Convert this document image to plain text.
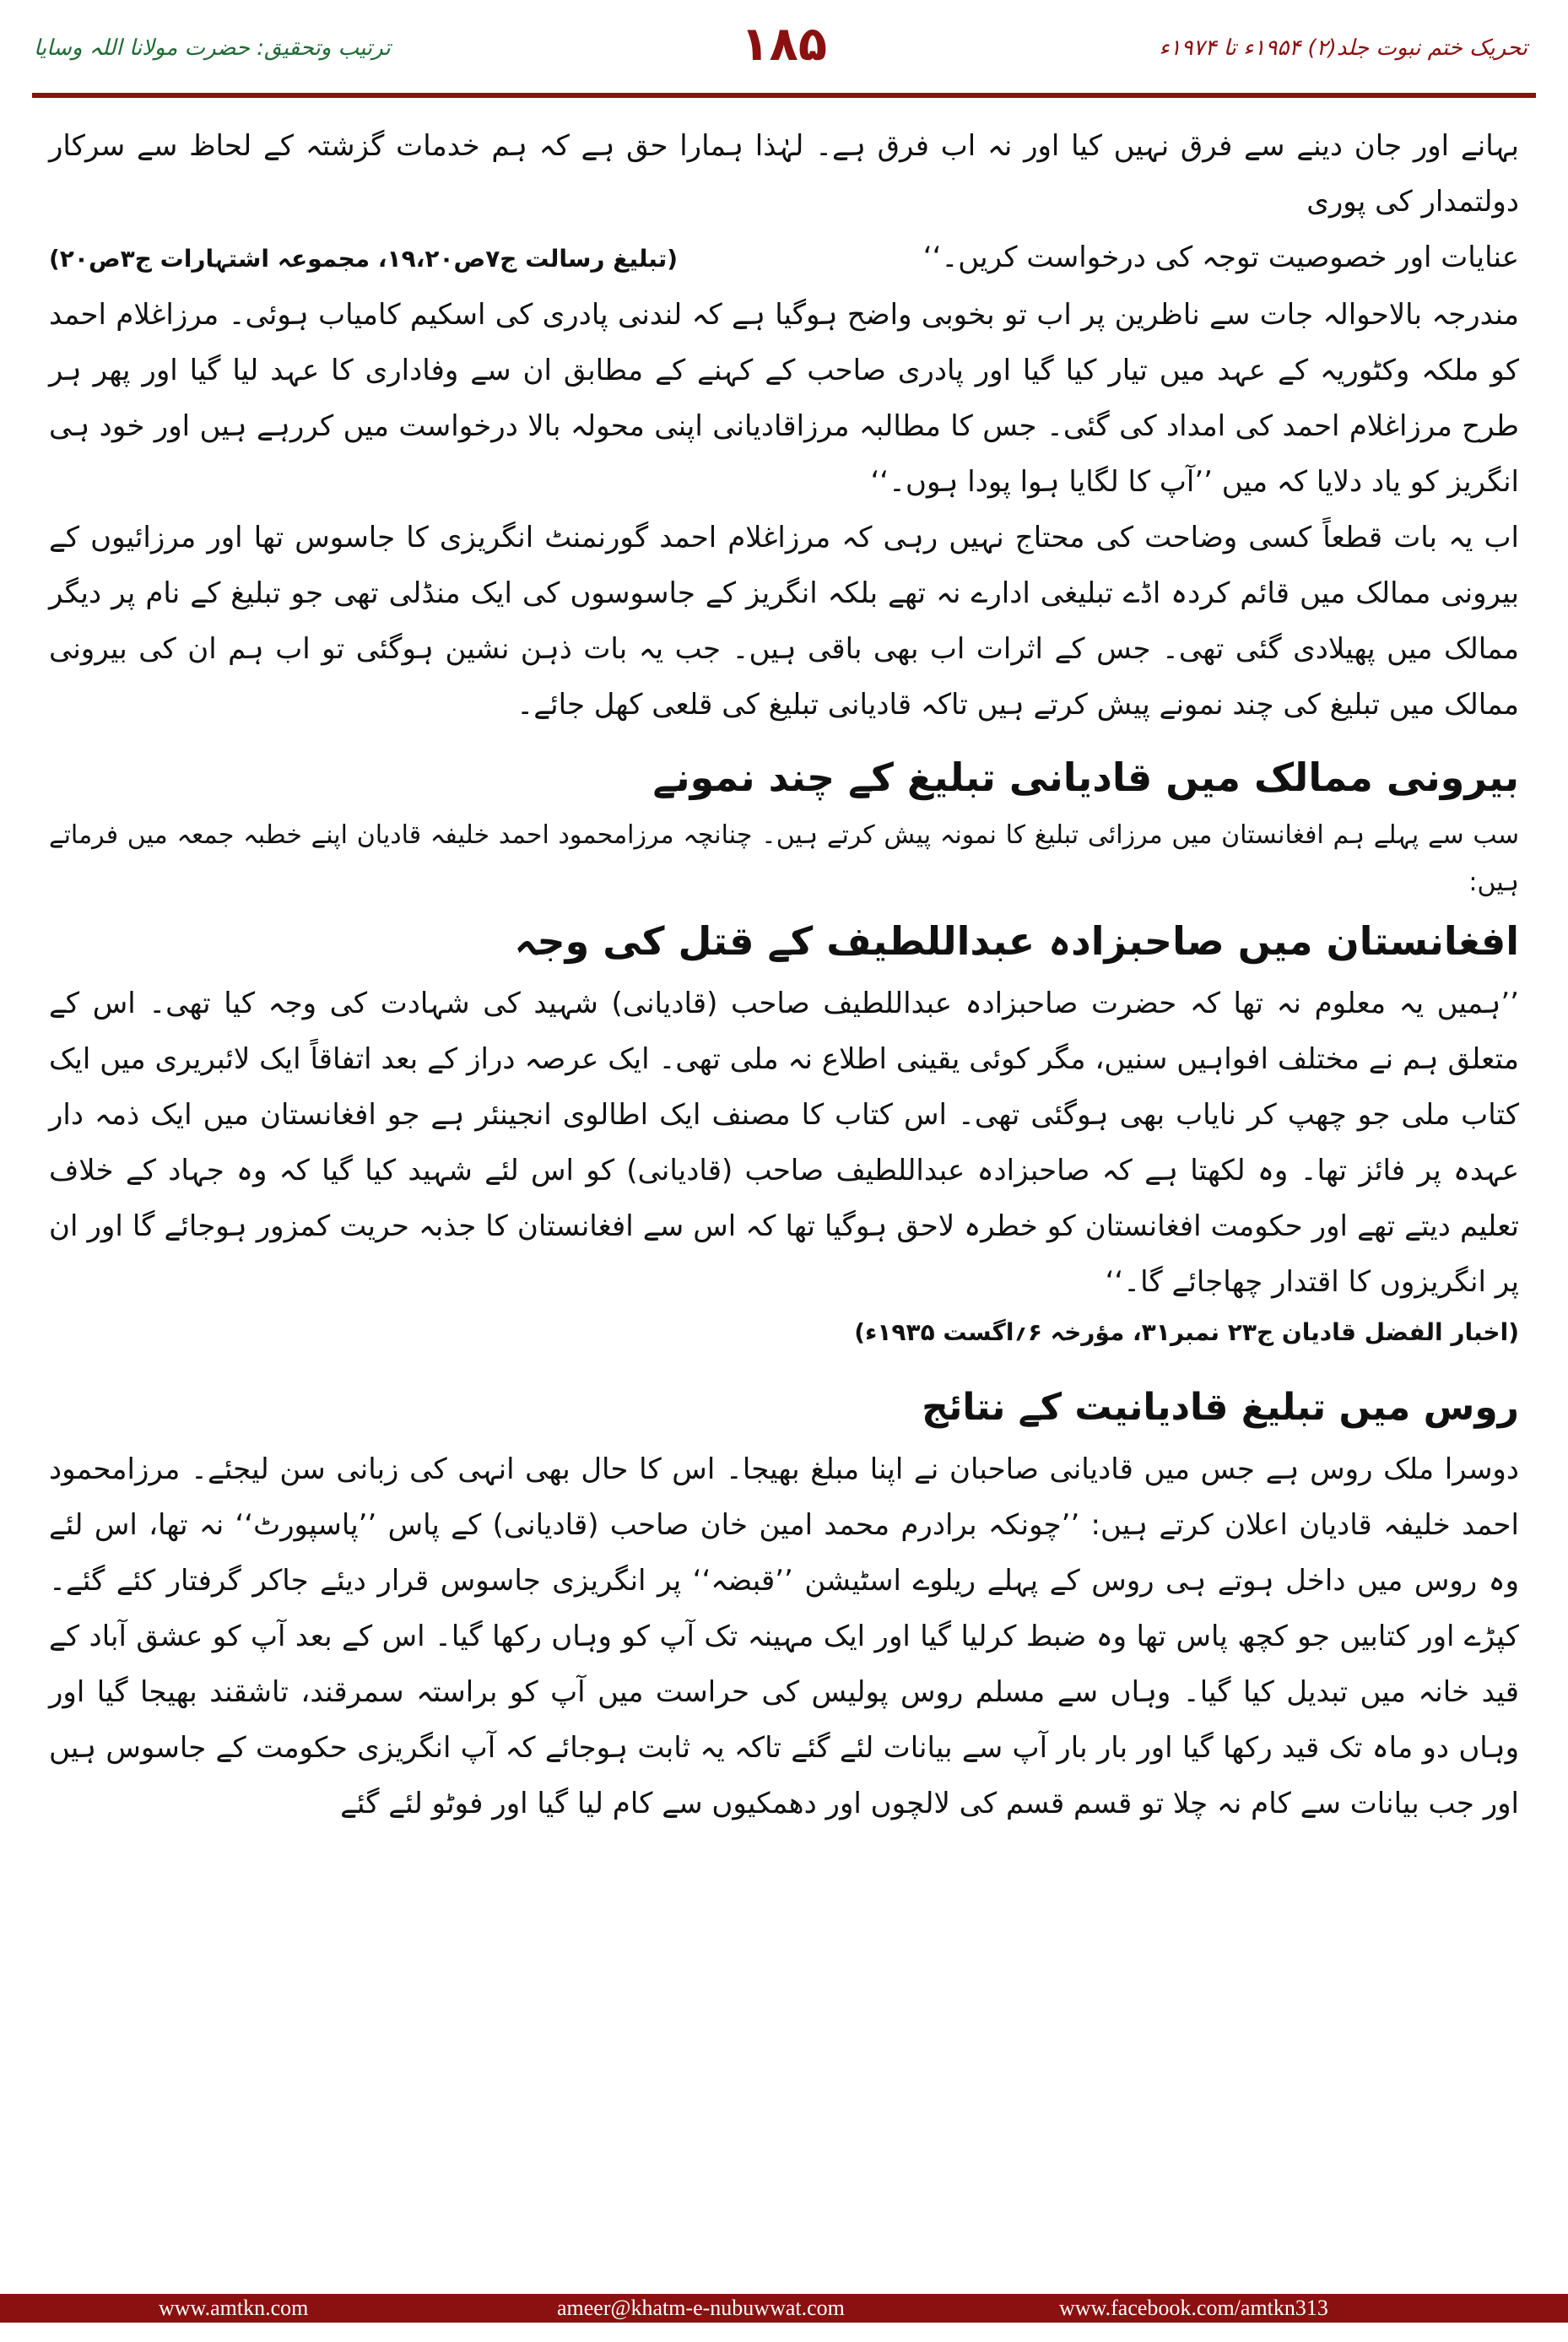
ترتیب وتحقیق: حضرت مولانا اللہ وسایا	۱۸۵	تحریک ختم نبوت جلد(۲) ۱۹۵۴ء تا ۱۹۷۴ء

بہانے اور جان دینے سے فرق نہیں کیا اور نہ اب فرق ہے۔ لہٰذا ہمارا حق ہے کہ ہم خدمات گزشتہ کے لحاظ سے سرکار دولتمدار کی پوری

عنایات اور خصوصیت توجہ کی درخواست کریں۔‘‘
(تبلیغ رسالت ج۷ص۱۹،۲۰، مجموعہ اشتہارات ج۳ص۲۰)

مندرجہ بالاحوالہ جات سے ناظرین پر اب تو بخوبی واضح ہوگیا ہے کہ لندنی پادری کی اسکیم کامیاب ہوئی۔ مرزاغلام احمد کو ملکہ وکٹوریہ کے عہد میں تیار کیا گیا اور پادری صاحب کے کہنے کے مطابق ان سے وفاداری کا عہد لیا گیا اور پھر ہر طرح مرزاغلام احمد کی امداد کی گئی۔ جس کا مطالبہ مرزاقادیانی اپنی محولہ بالا درخواست میں کررہے ہیں اور خود ہی انگریز کو یاد دلایا کہ میں ’’آپ کا لگایا ہوا پودا ہوں۔‘‘

اب یہ بات قطعاً کسی وضاحت کی محتاج نہیں رہی کہ مرزاغلام احمد گورنمنٹ انگریزی کا جاسوس تھا اور مرزائیوں کے بیرونی ممالک میں قائم کردہ اڈے تبلیغی ادارے نہ تھے بلکہ انگریز کے جاسوسوں کی ایک منڈلی تھی جو تبلیغ کے نام پر دیگر ممالک میں پھیلادی گئی تھی۔ جس کے اثرات اب بھی باقی ہیں۔ جب یہ بات ذہن نشین ہوگئی تو اب ہم ان کی بیرونی ممالک میں تبلیغ کی چند نمونے پیش کرتے ہیں تاکہ قادیانی تبلیغ کی قلعی کھل جائے۔

بیرونی ممالک میں قادیانی تبلیغ کے چند نمونے

سب سے پہلے ہم افغانستان میں مرزائی تبلیغ کا نمونہ پیش کرتے ہیں۔ چنانچہ مرزامحمود احمد خلیفہ قادیان اپنے خطبہ جمعہ میں فرماتے ہیں:

افغانستان میں صاحبزادہ عبداللطیف کے قتل کی وجہ

’’ہمیں یہ معلوم نہ تھا کہ حضرت صاحبزادہ عبداللطیف صاحب (قادیانی) شہید کی شہادت کی وجہ کیا تھی۔ اس کے متعلق ہم نے مختلف افواہیں سنیں، مگر کوئی یقینی اطلاع نہ ملی تھی۔ ایک عرصہ دراز کے بعد اتفاقاً ایک لائبریری میں ایک کتاب ملی جو چھپ کر نایاب بھی ہوگئی تھی۔ اس کتاب کا مصنف ایک اطالوی انجینئر ہے جو افغانستان میں ایک ذمہ دار عہدہ پر فائز تھا۔ وہ لکھتا ہے کہ صاحبزادہ عبداللطیف صاحب (قادیانی) کو اس لئے شہید کیا گیا کہ وہ جہاد کے خلاف تعلیم دیتے تھے اور حکومت افغانستان کو خطرہ لاحق ہوگیا تھا کہ اس سے افغانستان کا جذبہ حریت کمزور ہوجائے گا اور ان پر انگریزوں کا اقتدار چھاجائے گا۔‘‘

(اخبار الفضل قادیان ج۲۳ نمبر۳۱، مؤرخہ ۶؍اگست ۱۹۳۵ء)

روس میں تبلیغ قادیانیت کے نتائج

دوسرا ملک روس ہے جس میں قادیانی صاحبان نے اپنا مبلغ بھیجا۔ اس کا حال بھی انہی کی زبانی سن لیجئے۔ مرزامحمود احمد خلیفہ قادیان اعلان کرتے ہیں: ’’چونکہ برادرم محمد امین خان صاحب (قادیانی) کے پاس ’’پاسپورٹ‘‘ نہ تھا، اس لئے وہ روس میں داخل ہوتے ہی روس کے پہلے ریلوے اسٹیشن ’’قبضہ‘‘ پر انگریزی جاسوس قرار دیئے جاکر گرفتار کئے گئے۔ کپڑے اور کتابیں جو کچھ پاس تھا وہ ضبط کرلیا گیا اور ایک مہینہ تک آپ کو وہاں رکھا گیا۔ اس کے بعد آپ کو عشق آباد کے قید خانہ میں تبدیل کیا گیا۔ وہاں سے مسلم روس پولیس کی حراست میں آپ کو براستہ سمرقند، تاشقند بھیجا گیا اور وہاں دو ماہ تک قید رکھا گیا اور بار بار آپ سے بیانات لئے گئے تاکہ یہ ثابت ہوجائے کہ آپ انگریزی حکومت کے جاسوس ہیں اور جب بیانات سے کام نہ چلا تو قسم قسم کی لالچوں اور دھمکیوں سے کام لیا گیا اور فوٹو لئے گئے

www.amtkn.com	ameer@khatm-e-nubuwwat.com	www.facebook.com/amtkn313
